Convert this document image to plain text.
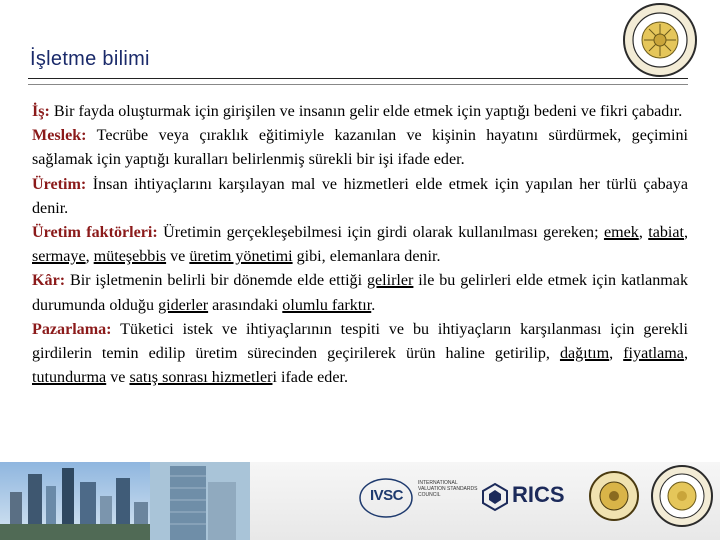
İşletme bilimi

İş: Bir fayda oluşturmak için girişilen ve insanın gelir elde etmek için yaptığı bedeni ve fikri çabadır.

Meslek: Tecrübe veya çıraklık eğitimiyle kazanılan ve kişinin hayatını sürdürmek, geçimini sağlamak için yaptığı kuralları belirlenmiş sürekli bir işi ifade eder.

Üretim: İnsan ihtiyaçlarını karşılayan mal ve hizmetleri elde etmek için yapılan her türlü çabaya denir.

Üretim faktörleri: Üretimin gerçekleşebilmesi için girdi olarak kullanılması gereken; emek, tabiat, sermaye, müteşebbis ve üretim yönetimi gibi, elemanlara denir.

Kâr: Bir işletmenin belirli bir dönemde elde ettiği gelirler ile bu gelirleri elde etmek için katlanmak durumunda olduğu giderler arasındaki olumlu farktır.

Pazarlama: Tüketici istek ve ihtiyaçlarının tespiti ve bu ihtiyaçların karşılanması için gerekli girdilerin temin edilip üretim sürecinden geçirilerek ürün haline getirilip, dağıtım, fiyatlama, tutundurma ve satış sonrası hizmetleri ifade eder.

IVSC
INTERNATIONAL VALUATION STANDARDS COUNCIL	RICS
